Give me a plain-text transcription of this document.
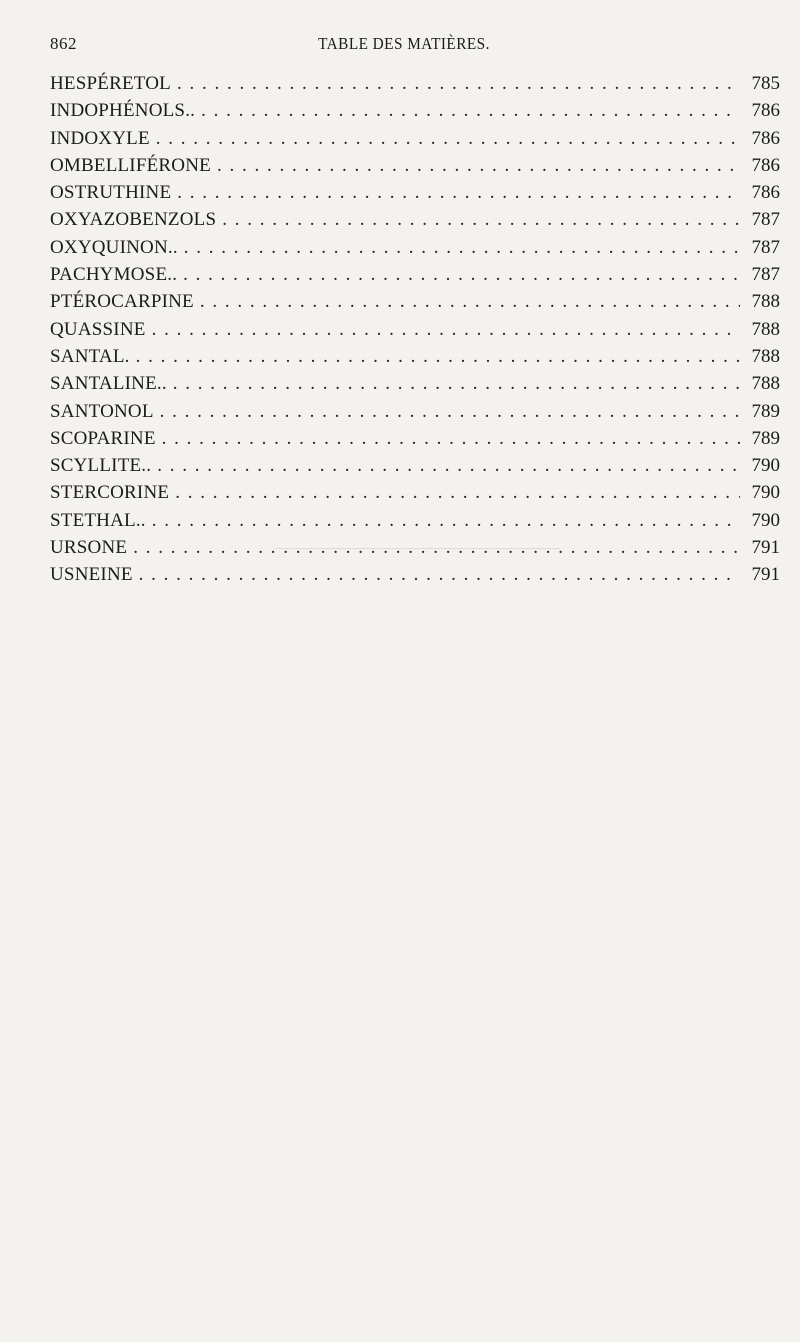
862	TABLE DES MATIÈRES.
HESPÉRETOL . . .	785
INDOPHÉNOLS.. . . .	786
INDOXYLE . . .	786
OMBELLIFÉRONE . . .	786
OSTRUTHINE . . .	786
OXYAZOBENZOLS . . .	787
OXYQUINON.. . . .	787
PACHYMOSE.. . . .	787
PTÉROCARPINE . . .	788
QUASSINE . . .	788
SANTAL. . . .	788
SANTALINE.. . . .	788
SANTONOL . . .	789
SCOPARINE . . .	789
SCYLLITE.. . . .	790
STERCORINE . . .	790
STETHAL.. . . .	790
URSONE . . .	791
USNEINE . . .	791
